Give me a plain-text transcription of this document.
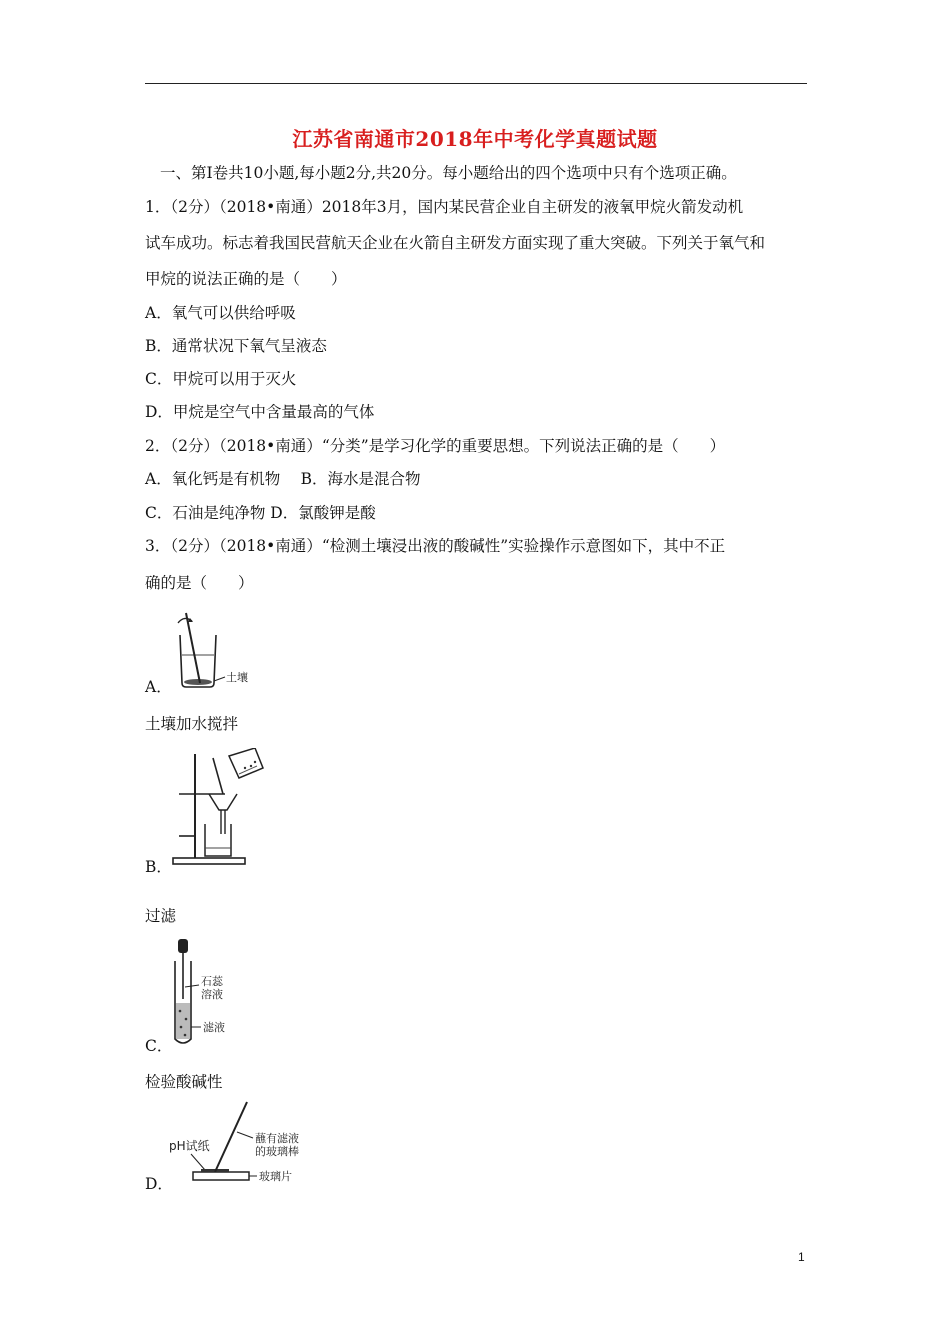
江苏省南通市2018年中考化学真题试题
一、第Ⅰ卷共10小题,每小题2分,共20分。每小题给出的四个选项中只有个选项正确。
1．（2分）（2018•南通）2018年3月，国内某民营企业自主研发的液氧甲烷火箭发动机
试车成功。标志着我国民营航天企业在火箭自主研发方面实现了重大突破。下列关于氧气和
甲烷的说法正确的是（　　）
A．氧气可以供给呼吸
B．通常状况下氧气呈液态
C．甲烷可以用于灭火
D．甲烷是空气中含量最高的气体
2．（2分）（2018•南通）“分类”是学习化学的重要思想。下列说法正确的是（　　）
A．氧化钙是有机物　 B．海水是混合物
C．石油是纯净物 D．氯酸钾是酸
3．（2分）（2018•南通）“检测土壤浸出液的酸碱性”实验操作示意图如下，其中不正
确的是（　　）
土壤
A．
土壤加水搅拌
B．
过滤
石蕊
溶液
滤液
C．
检验酸碱性
pH试纸
蘸有滤液
的玻璃棒
玻璃片
D．
1
